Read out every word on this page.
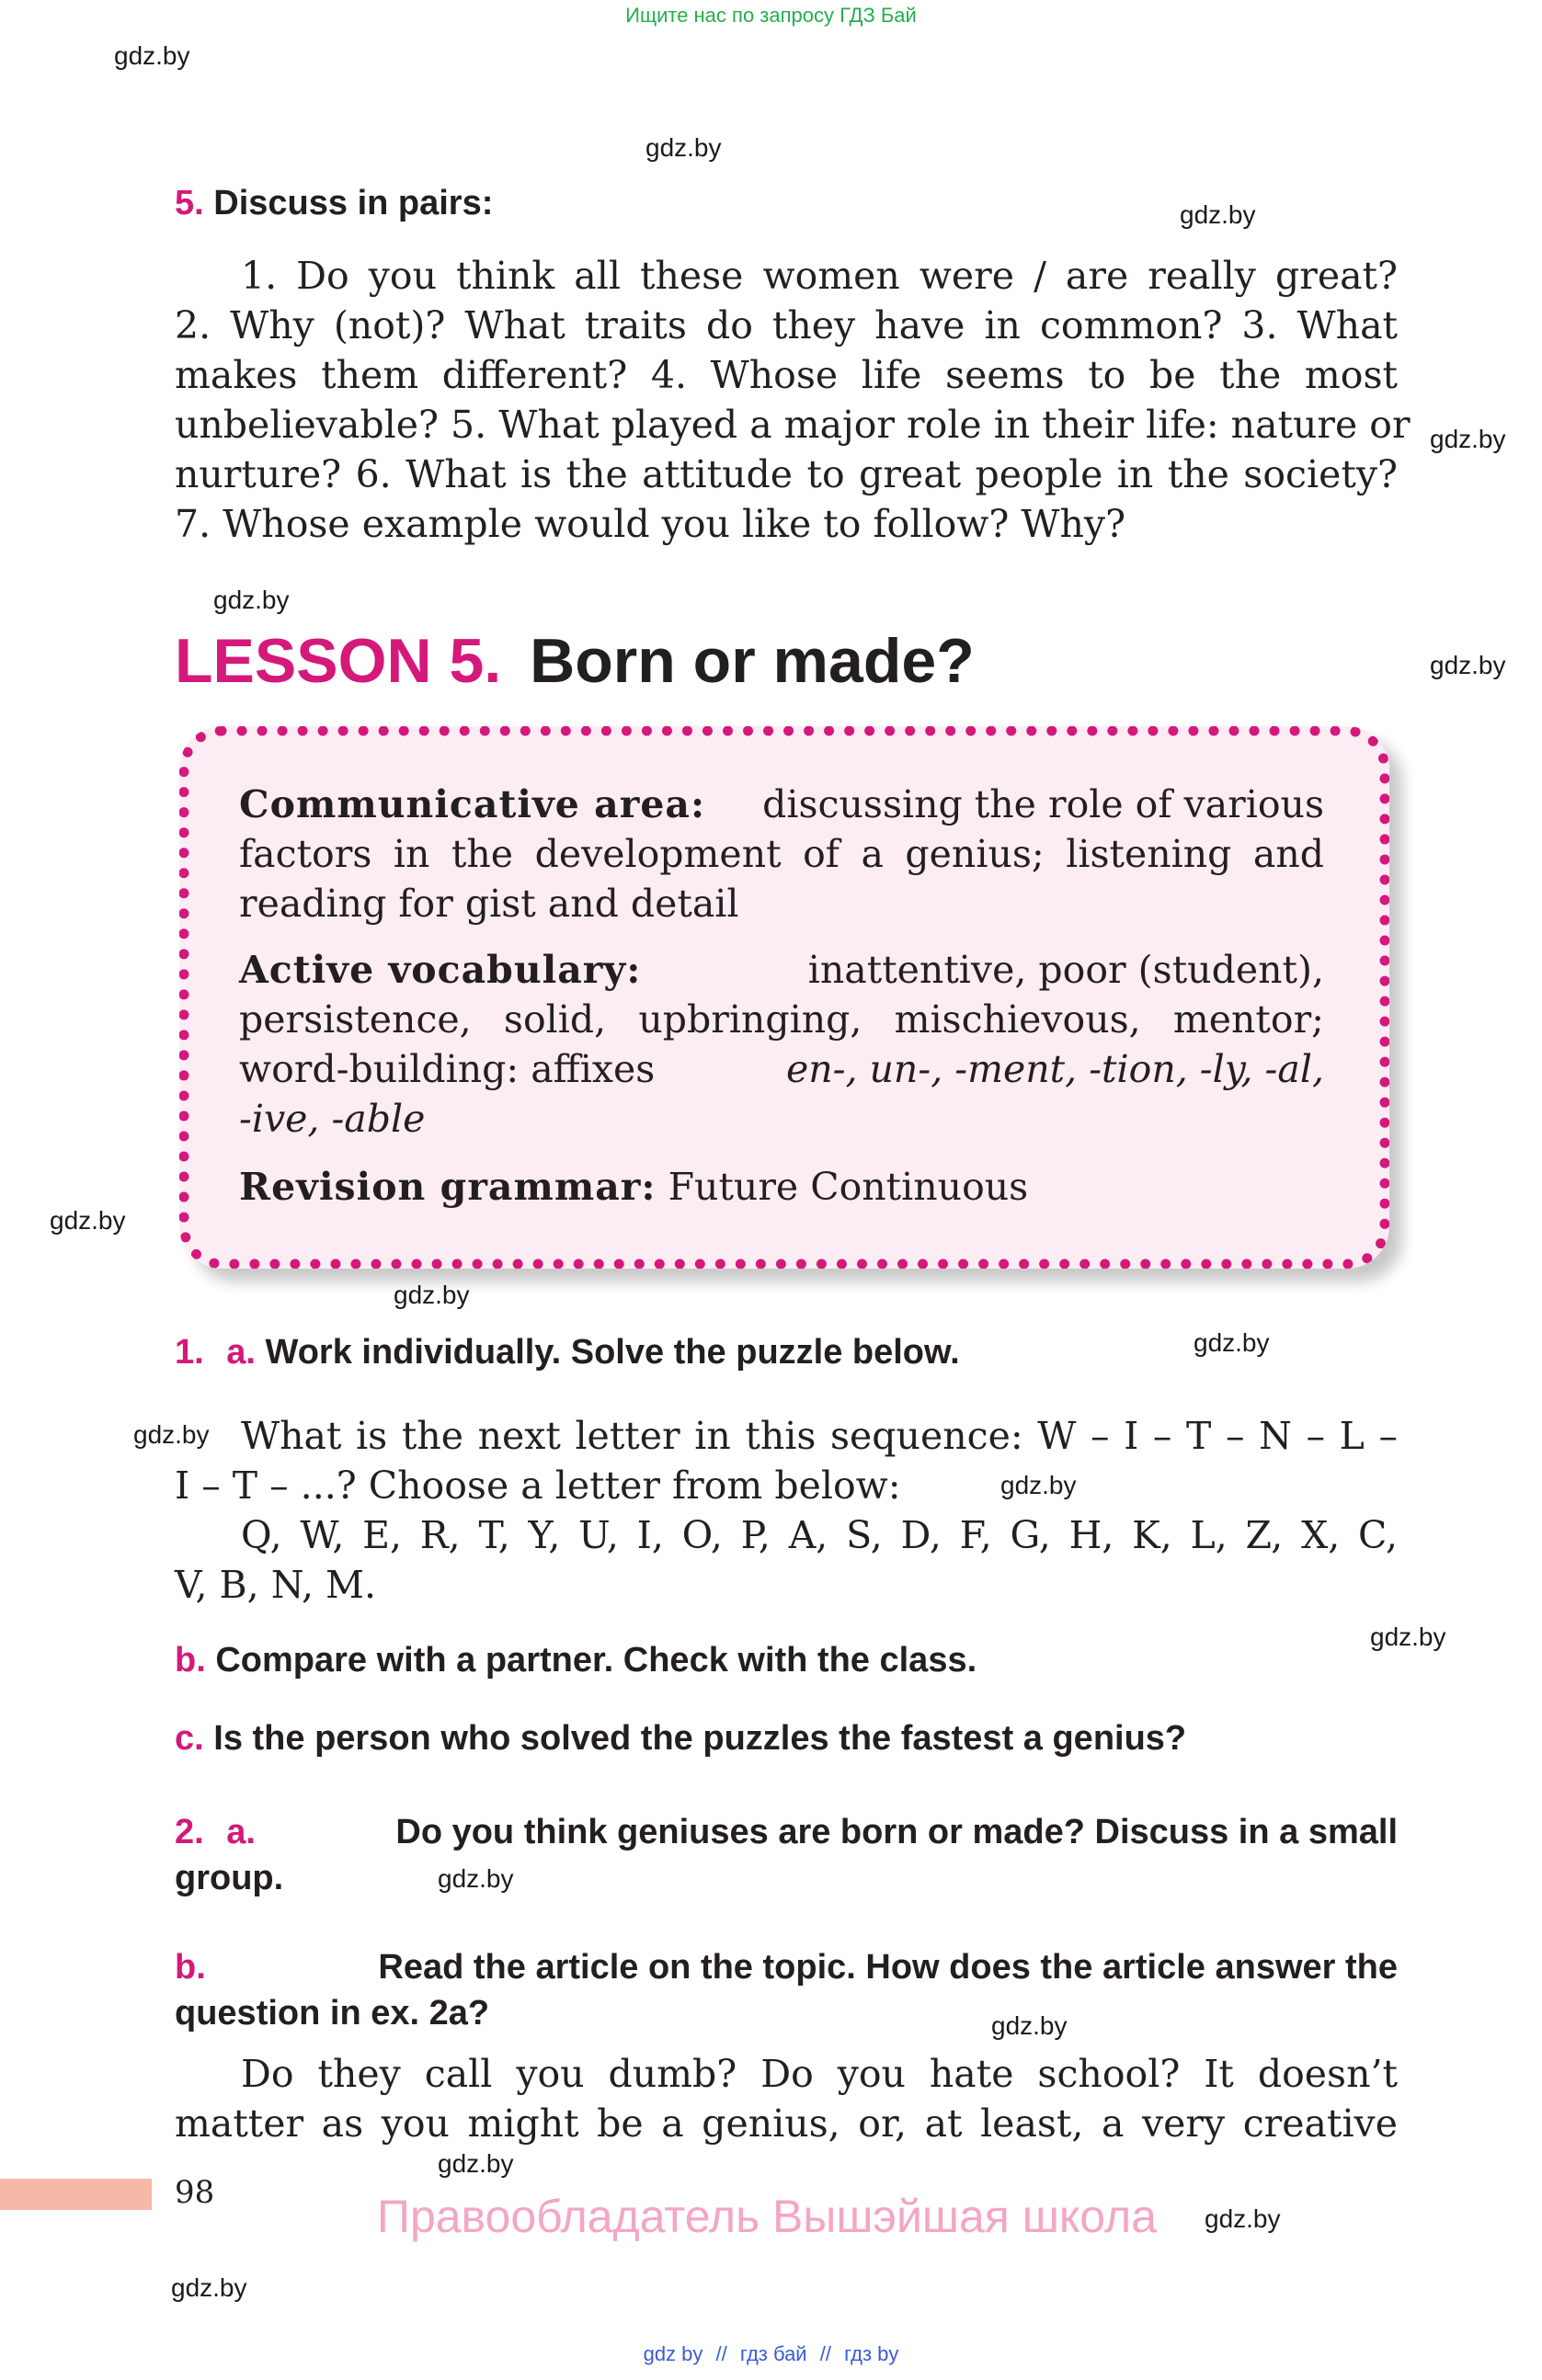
Ищите нас по запросу ГДЗ Бай
gdz.by
gdz.by
gdz.by
gdz.by
gdz.by
gdz.by
gdz.by
gdz.by
gdz.by
gdz.by
gdz.by
gdz.by
gdz.by
gdz.by
gdz.by
gdz.by
gdz.by
5. Discuss in pairs:
1. Do you think all these women were / are really great?
2. Why (not)? What traits do they have in common? 3. What
makes them different? 4. Whose life seems to be the most
unbelievable? 5. What played a major role in their life: nature or
nurture? 6. What is the attitude to great people in the society?
7. Whose example would you like to follow? Why?
LESSON 5. Born or made?
Communicative area: discussing the role of various
factors in the development of a genius; listening and
reading for gist and detail
Active vocabulary:	inattentive, poor (student),
persistence, solid, upbringing, mischievous, mentor;
word-building: affixes	en-, un-, -ment, -tion, -ly, -al,
-ive, -able
Revision grammar: Future Continuous
1. a. Work individually. Solve the puzzle below.
What is the next letter in this sequence: W – I – T – N – L –
I – T – ...? Choose a letter from below:
Q, W, E, R, T, Y, U, I, O, P, A, S, D, F, G, H, K, L, Z, X, C,
V, B, N, M.
b. Compare with a partner. Check with the class.
c. Is the person who solved the puzzles the fastest a genius?
2. a.	Do you think geniuses are born or made? Discuss in a small
group.
b.	Read the article on the topic. How does the article answer the
question in ex. 2a?
Do they call you dumb? Do you hate school? It doesn’t
matter as you might be a genius, or, at least, a very creative
98	Правообладатель Вышэйшая школа
gdz by // гдз бай // гдз by
